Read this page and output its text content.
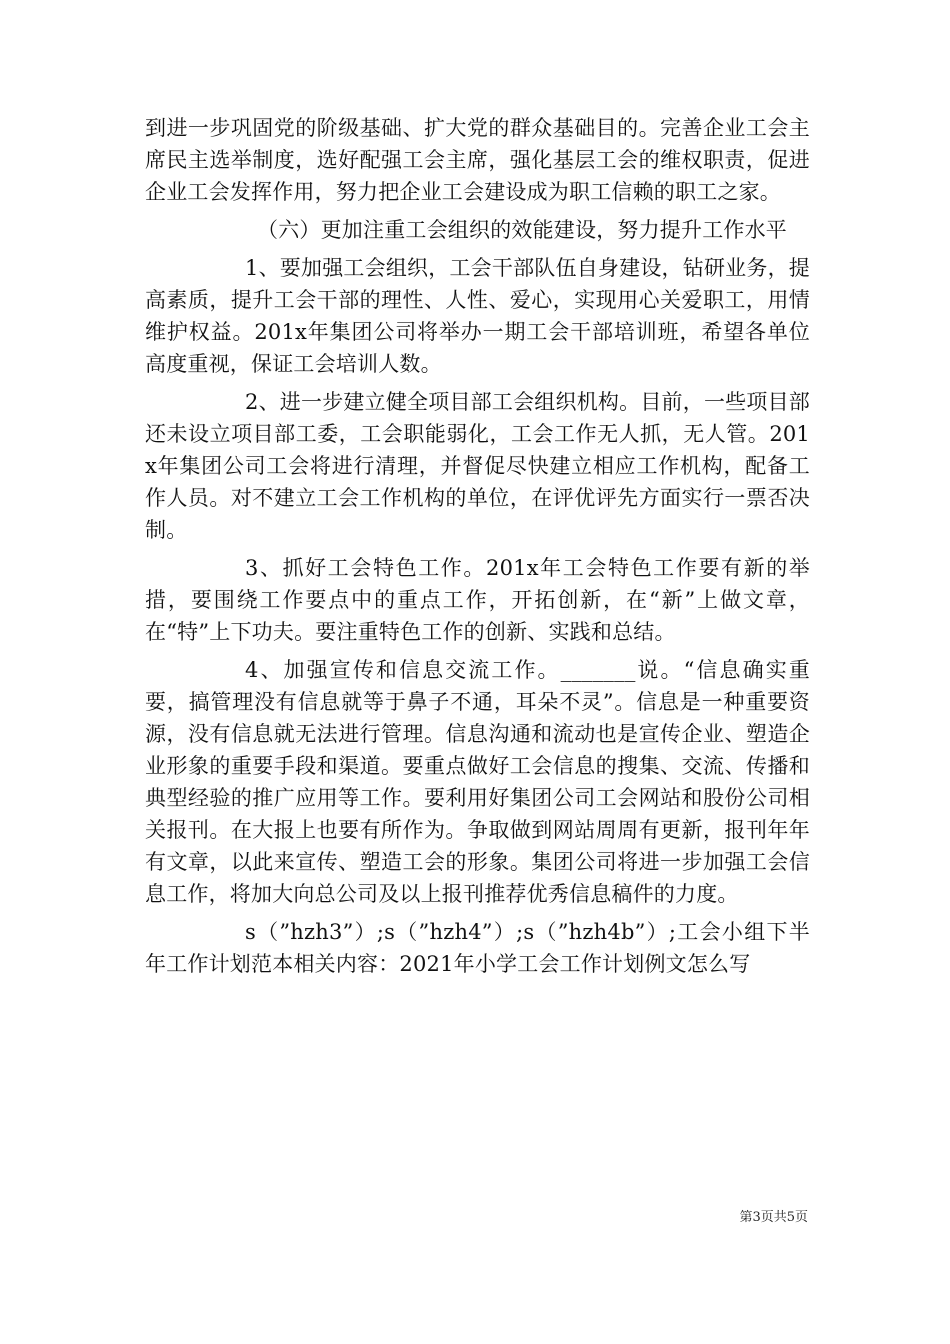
到进一步巩固党的阶级基础、扩大党的群众基础目的。完善企业工会主席民主选举制度，选好配强工会主席，强化基层工会的维权职责，促进企业工会发挥作用，努力把企业工会建设成为职工信赖的职工之家。

（六）更加注重工会组织的效能建设，努力提升工作水平

1、要加强工会组织，工会干部队伍自身建设，钻研业务，提高素质，提升工会干部的理性、人性、爱心，实现用心关爱职工，用情维护权益。201x年集团公司将举办一期工会干部培训班，希望各单位高度重视，保证工会培训人数。

2、进一步建立健全项目部工会组织机构。目前，一些项目部还未设立项目部工委，工会职能弱化，工会工作无人抓，无人管。201x年集团公司工会将进行清理，并督促尽快建立相应工作机构，配备工作人员。对不建立工会工作机构的单位，在评优评先方面实行一票否决制。

3、抓好工会特色工作。201x年工会特色工作要有新的举措，要围绕工作要点中的重点工作，开拓创新，在“新”上做文章，在“特”上下功夫。要注重特色工作的创新、实践和总结。

4、加强宣传和信息交流工作。_______说。“信息确实重要，搞管理没有信息就等于鼻子不通，耳朵不灵”。信息是一种重要资源，没有信息就无法进行管理。信息沟通和流动也是宣传企业、塑造企业形象的重要手段和渠道。要重点做好工会信息的搜集、交流、传播和典型经验的推广应用等工作。要利用好集团公司工会网站和股份公司相关报刊。在大报上也要有所作为。争取做到网站周周有更新，报刊年年有文章，以此来宣传、塑造工会的形象。集团公司将进一步加强工会信息工作，将加大向总公司及以上报刊推荐优秀信息稿件的力度。

s（”hzh3”）;s（”hzh4”）;s（”hzh4b”）;工会小组下半年工作计划范本相关内容：2021年小学工会工作计划例文怎么写

第3页共5页
